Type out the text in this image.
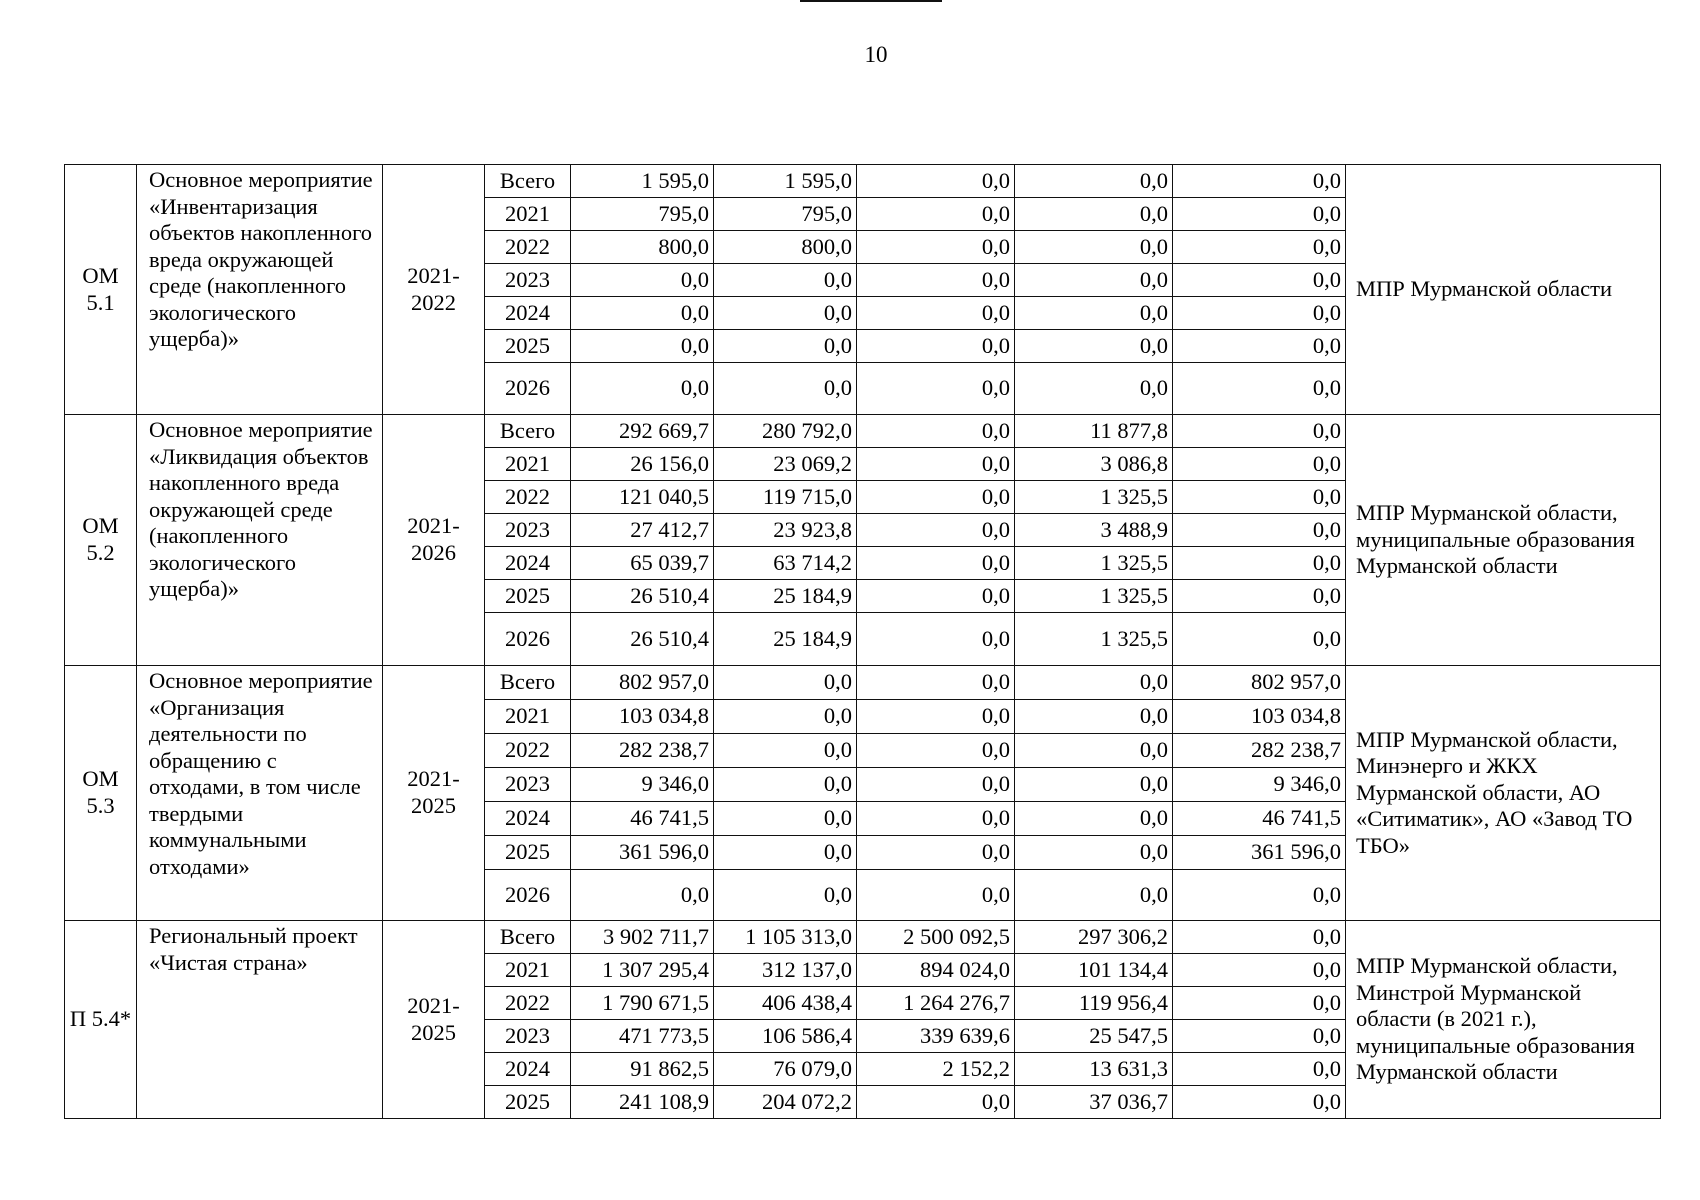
10
ОМ 5.1	Основное мероприятие «Инвентаризация объектов накопленного вреда окружающей среде (накопленного экологического ущерба)»	2021-2022	Всего	1 595,0	1 595,0	0,0	0,0	0,0	МПР Мурманской области
			2021	795,0	795,0	0,0	0,0	0,0	
			2022	800,0	800,0	0,0	0,0	0,0	
			2023	0,0	0,0	0,0	0,0	0,0	
			2024	0,0	0,0	0,0	0,0	0,0	
			2025	0,0	0,0	0,0	0,0	0,0	
			2026	0,0	0,0	0,0	0,0	0,0	
ОМ 5.2	Основное мероприятие «Ликвидация объектов накопленного вреда окружающей среде (накопленного экологического ущерба)»	2021-2026	Всего	292 669,7	280 792,0	0,0	11 877,8	0,0	МПР Мурманской области, муниципальные образования Мурманской области
			2021	26 156,0	23 069,2	0,0	3 086,8	0,0	
			2022	121 040,5	119 715,0	0,0	1 325,5	0,0	
			2023	27 412,7	23 923,8	0,0	3 488,9	0,0	
			2024	65 039,7	63 714,2	0,0	1 325,5	0,0	
			2025	26 510,4	25 184,9	0,0	1 325,5	0,0	
			2026	26 510,4	25 184,9	0,0	1 325,5	0,0	
ОМ 5.3	Основное мероприятие «Организация деятельности по обращению с отходами, в том числе твердыми коммунальными отходами»	2021-2025	Всего	802 957,0	0,0	0,0	0,0	802 957,0	МПР Мурманской области, Минэнерго и ЖКХ Мурманской области, АО «Ситиматик», АО «Завод ТО ТБО»
			2021	103 034,8	0,0	0,0	0,0	103 034,8	
			2022	282 238,7	0,0	0,0	0,0	282 238,7	
			2023	9 346,0	0,0	0,0	0,0	9 346,0	
			2024	46 741,5	0,0	0,0	0,0	46 741,5	
			2025	361 596,0	0,0	0,0	0,0	361 596,0	
			2026	0,0	0,0	0,0	0,0	0,0	
П 5.4*	Региональный проект «Чистая страна»	2021-2025	Всего	3 902 711,7	1 105 313,0	2 500 092,5	297 306,2	0,0	МПР Мурманской области, Минстрой Мурманской области (в 2021 г.), муниципальные образования Мурманской области
			2021	1 307 295,4	312 137,0	894 024,0	101 134,4	0,0	
			2022	1 790 671,5	406 438,4	1 264 276,7	119 956,4	0,0	
			2023	471 773,5	106 586,4	339 639,6	25 547,5	0,0	
			2024	91 862,5	76 079,0	2 152,2	13 631,3	0,0	
			2025	241 108,9	204 072,2	0,0	37 036,7	0,0	
